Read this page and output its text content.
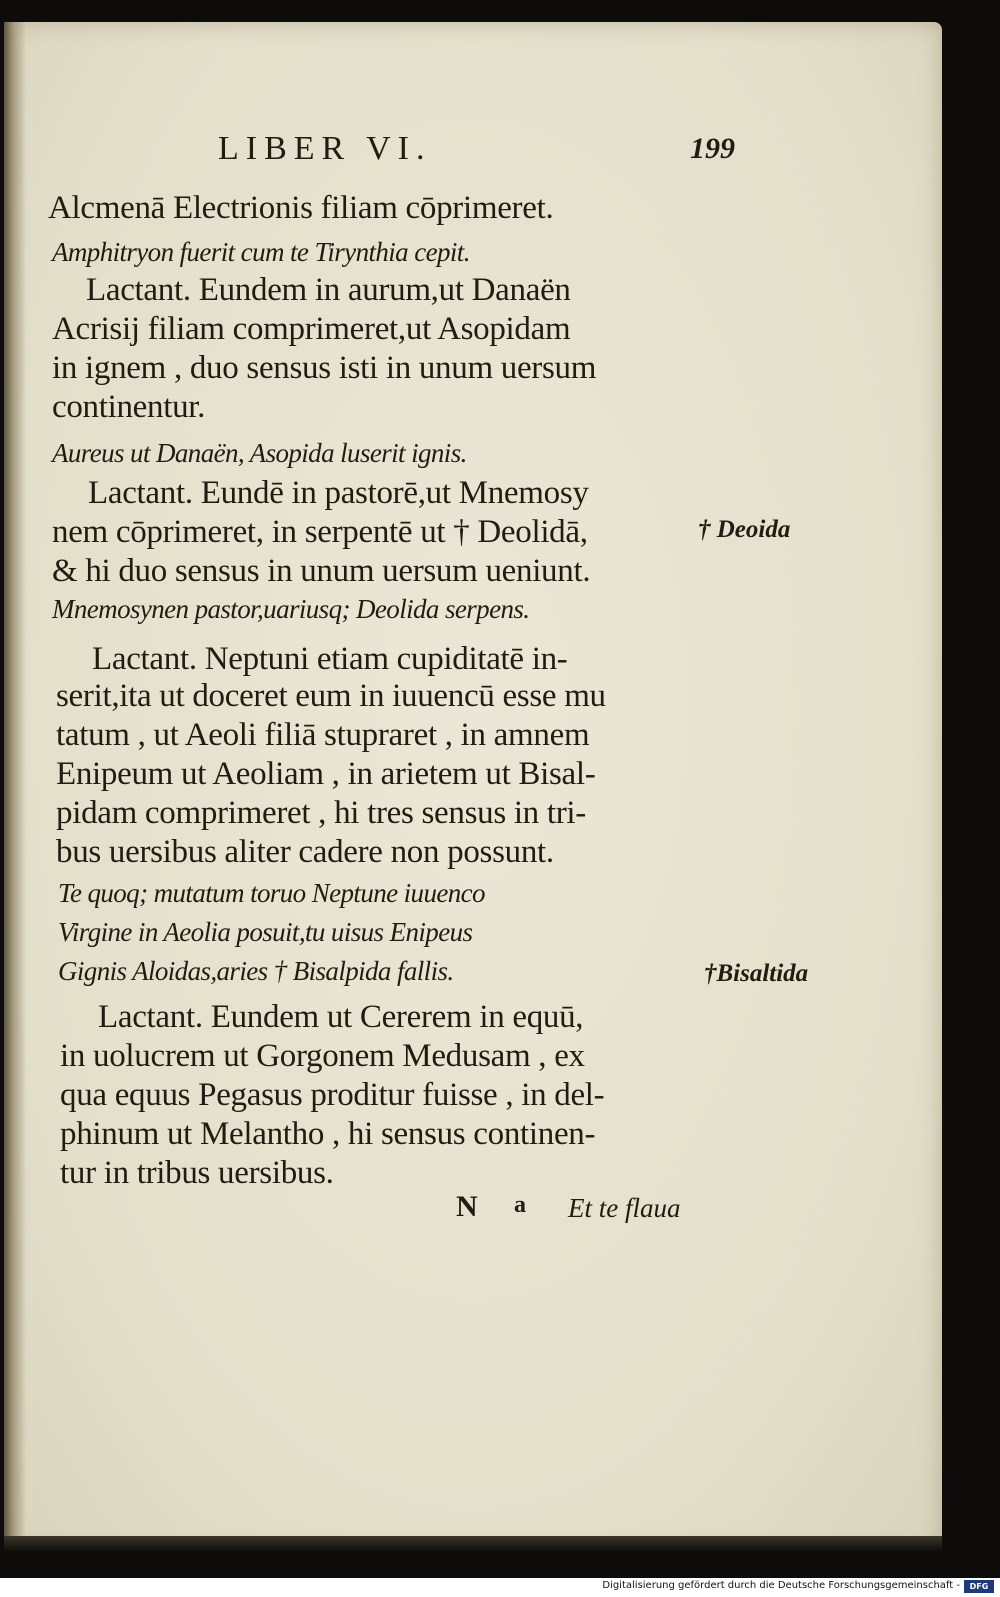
LIBER VI.	199
Alcmenā Electrionis filiam cōprimeret.
Amphitryon fuerit cum te Tirynthia cepit.
Lactant. Eundem in aurum,ut Danaën
Acrisij filiam comprimeret,ut Asopidam
in ignem , duo sensus isti in unum uersum
continentur.
Aureus ut Danaën, Asopida luserit ignis.
Lactant. Eundē in pastorē,ut Mnemosy
nem cōprimeret, in serpentē ut † Deolidā,
& hi duo sensus in unum uersum ueniunt.
Mnemosynen pastor,uariusq; Deolida serpens.
Lactant. Neptuni etiam cupiditatē in-
serit,ita ut doceret eum in iuuencū esse mu
tatum , ut Aeoli filiā stupraret , in amnem
Enipeum ut Aeoliam , in arietem ut Bisal-
pidam comprimeret , hi tres sensus in tri-
bus uersibus aliter cadere non possunt.
Te quoq; mutatum toruo Neptune iuuenco
Virgine in Aeolia posuit,tu uisus Enipeus
Gignis Aloidas,aries † Bisalpida fallis.
Lactant. Eundem ut Cererem in equū,
in uolucrem ut Gorgonem Medusam , ex
qua equus Pegasus proditur fuisse , in del-
phinum ut Melantho , hi sensus continen-
tur in tribus uersibus.
† Deoida
†Bisaltida
N a Et te flaua
Digitalisierung gefördert durch die Deutsche Forschungsgemeinschaft -	DFG
